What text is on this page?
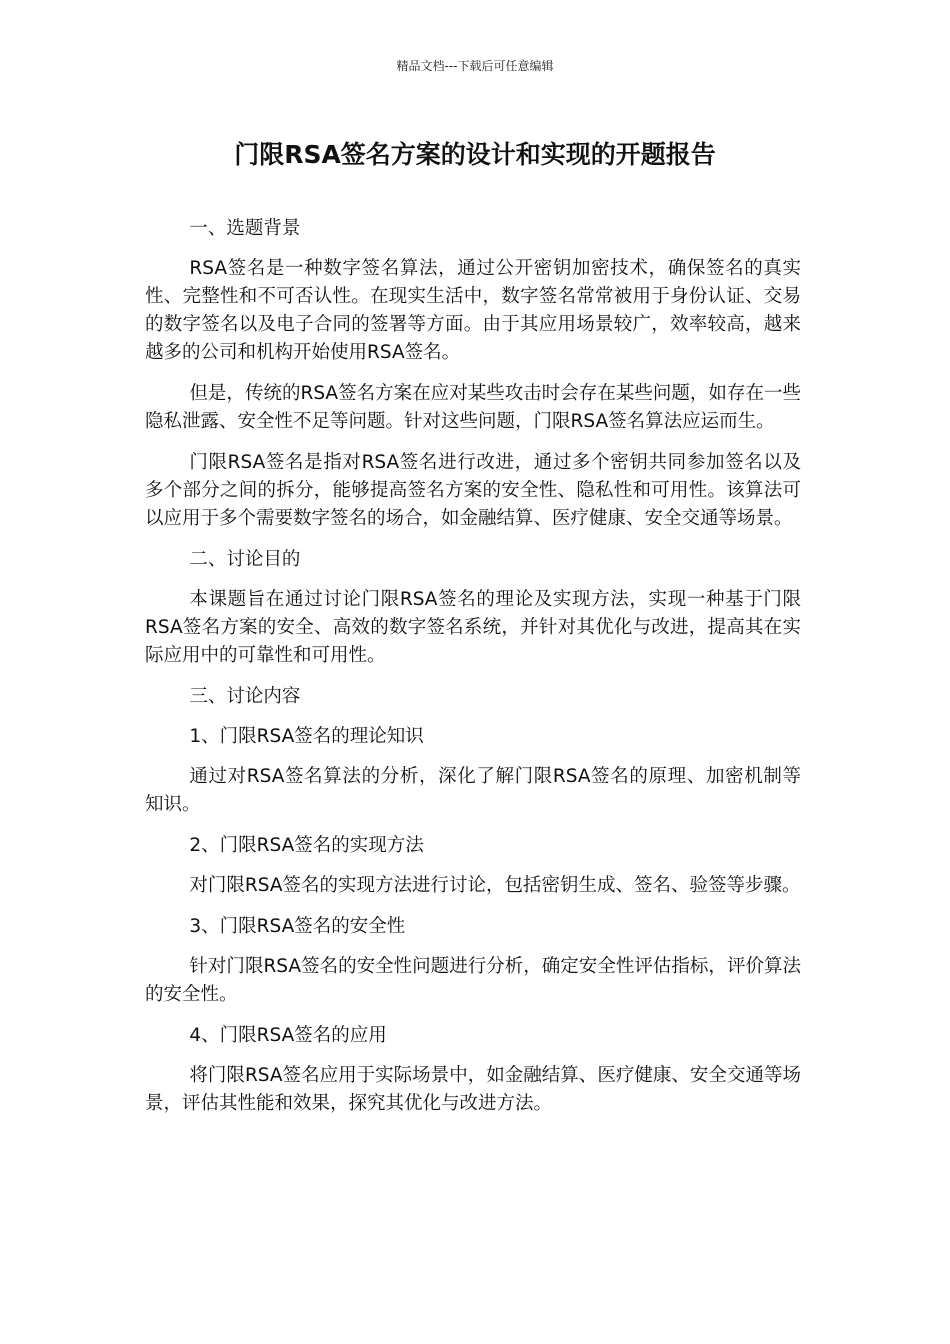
精品文档---下载后可任意编辑
门限RSA签名方案的设计和实现的开题报告

一、选题背景

RSA签名是一种数字签名算法，通过公开密钥加密技术，确保签名的真实性、完整性和不可否认性。在现实生活中，数字签名常常被用于身份认证、交易的数字签名以及电子合同的签署等方面。由于其应用场景较广，效率较高，越来越多的公司和机构开始使用RSA签名。

但是，传统的RSA签名方案在应对某些攻击时会存在某些问题，如存在一些隐私泄露、安全性不足等问题。针对这些问题，门限RSA签名算法应运而生。

门限RSA签名是指对RSA签名进行改进，通过多个密钥共同参加签名以及多个部分之间的拆分，能够提高签名方案的安全性、隐私性和可用性。该算法可以应用于多个需要数字签名的场合，如金融结算、医疗健康、安全交通等场景。

二、讨论目的

本课题旨在通过讨论门限RSA签名的理论及实现方法，实现一种基于门限RSA签名方案的安全、高效的数字签名系统，并针对其优化与改进，提高其在实际应用中的可靠性和可用性。

三、讨论内容

1、门限RSA签名的理论知识

通过对RSA签名算法的分析，深化了解门限RSA签名的原理、加密机制等知识。

2、门限RSA签名的实现方法

对门限RSA签名的实现方法进行讨论，包括密钥生成、签名、验签等步骤。

3、门限RSA签名的安全性

针对门限RSA签名的安全性问题进行分析，确定安全性评估指标，评价算法的安全性。

4、门限RSA签名的应用

将门限RSA签名应用于实际场景中，如金融结算、医疗健康、安全交通等场景，评估其性能和效果，探究其优化与改进方法。
